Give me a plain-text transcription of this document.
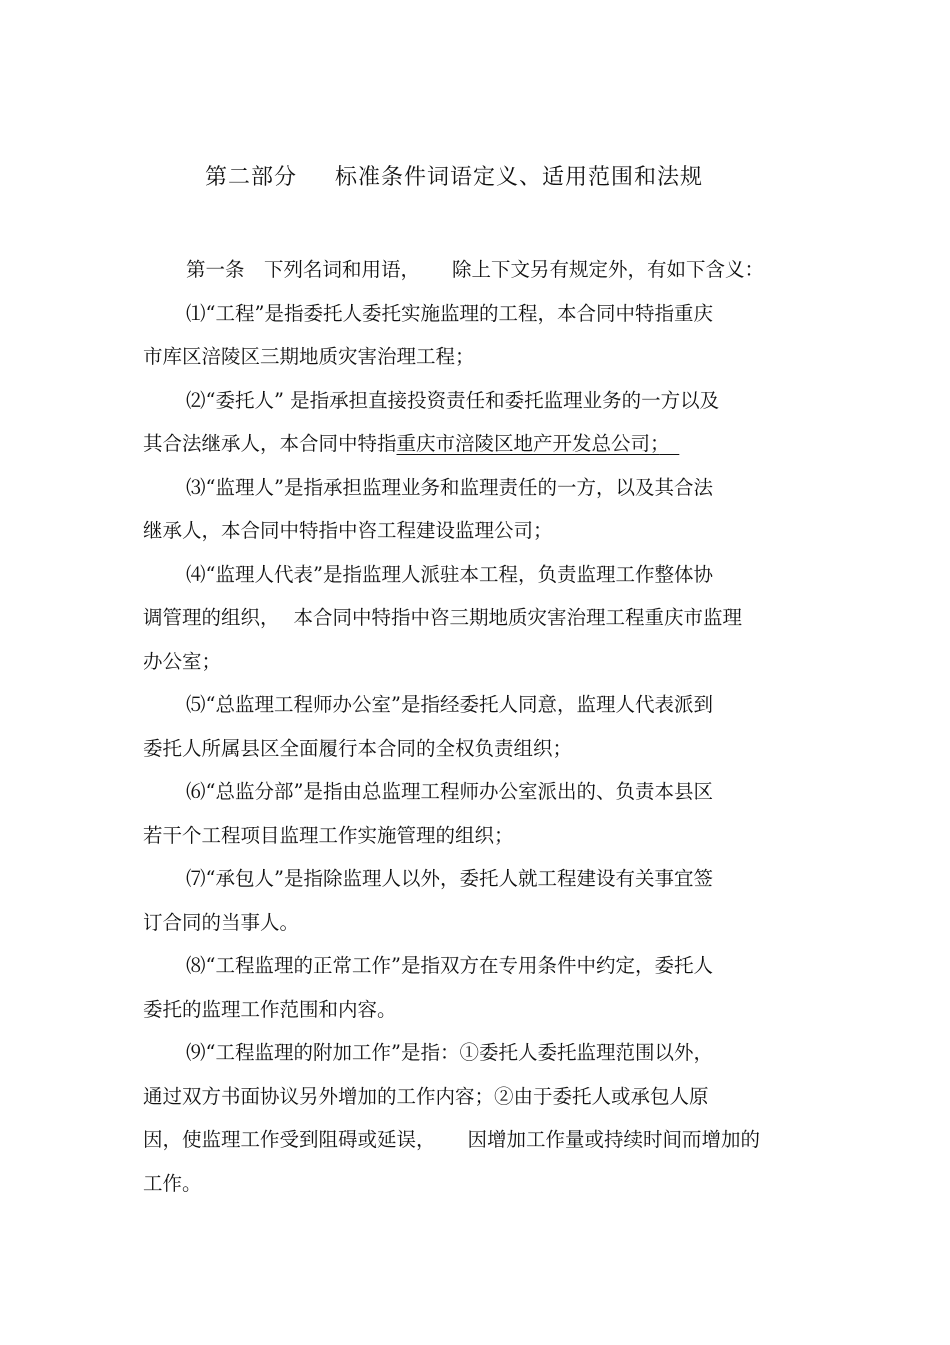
第二部分 标准条件词语定义、适用范围和法规
第一条　下列名词和用语， 除上下文另有规定外，有如下含义：
⑴“工程”是指委托人委托实施监理的工程，本合同中特指重庆
市库区涪陵区三期地质灾害治理工程；
⑵“委托人” 是指承担直接投资责任和委托监理业务的一方以及
其合法继承人，本合同中特指重庆市涪陵区地产开发总公司；　
⑶“监理人”是指承担监理业务和监理责任的一方，以及其合法
继承人，本合同中特指中咨工程建设监理公司；
⑷“监理人代表”是指监理人派驻本工程，负责监理工作整体协
调管理的组织， 本合同中特指中咨三期地质灾害治理工程重庆市监理
办公室；
⑸“总监理工程师办公室”是指经委托人同意，监理人代表派到
委托人所属县区全面履行本合同的全权负责组织；
⑹“总监分部”是指由总监理工程师办公室派出的、负责本县区
若干个工程项目监理工作实施管理的组织；
⑺“承包人”是指除监理人以外，委托人就工程建设有关事宜签
订合同的当事人。
⑻“工程监理的正常工作”是指双方在专用条件中约定，委托人
委托的监理工作范围和内容。
⑼“工程监理的附加工作”是指：①委托人委托监理范围以外，
通过双方书面协议另外增加的工作内容；②由于委托人或承包人原
因，使监理工作受到阻碍或延误， 因增加工作量或持续时间而增加的
工作。
